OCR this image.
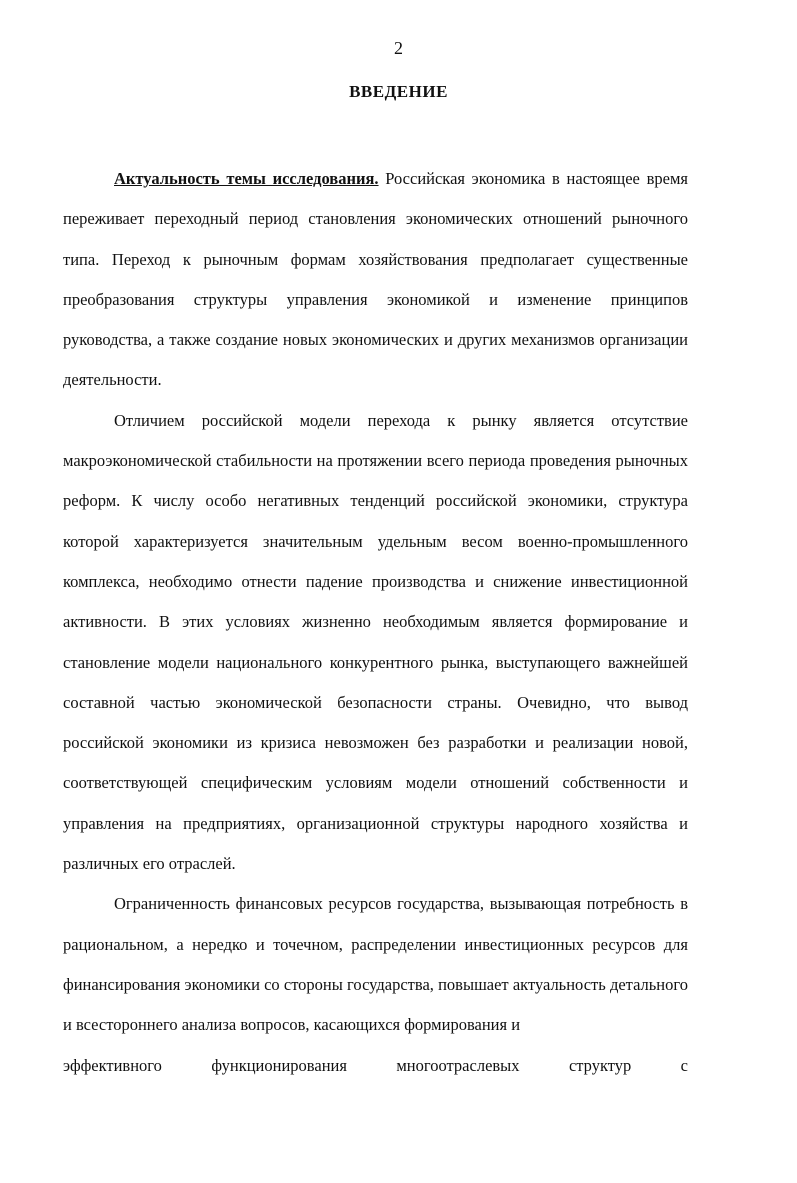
2
ВВЕДЕНИЕ

Актуальность темы исследования. Российская экономика в настоящее время переживает переходный период становления экономических отношений рыночного типа. Переход к рыночным формам хозяйствования предполагает существенные преобразования структуры управления экономикой и изменение принципов руководства, а также создание новых экономических и других механизмов организации деятельности.

Отличием российской модели перехода к рынку является отсутствие макроэкономической стабильности на протяжении всего периода проведения рыночных реформ. К числу особо негативных тенденций российской экономики, структура которой характеризуется значительным удельным весом военно-промышленного комплекса, необходимо отнести падение производства и снижение инвестиционной активности. В этих условиях жизненно необходимым является формирование и становление модели национального конкурентного рынка, выступающего важнейшей составной частью экономической безопасности страны. Очевидно, что вывод российской экономики из кризиса невозможен без разработки и реализации новой, соответствующей специфическим условиям модели отношений собственности и управления на предприятиях, организационной структуры народного хозяйства и различных его отраслей.

Ограниченность финансовых ресурсов государства, вызывающая потребность в рациональном, а нередко и точечном, распределении инвестиционных ресурсов для финансирования экономики со стороны государства, повышает актуальность детального и всестороннего анализа вопросов, касающихся формирования и

эффективного	функционирования	многоотраслевых	структур	с
